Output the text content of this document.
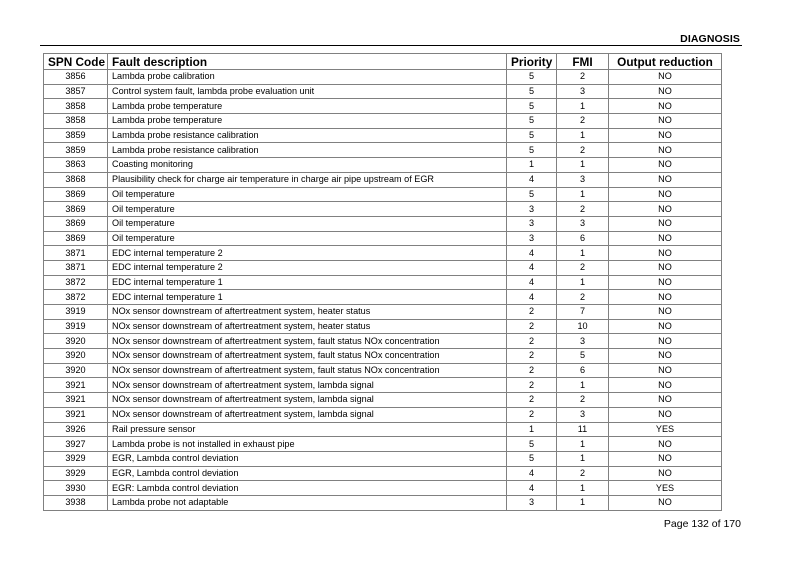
DIAGNOSIS
SPN Code	Fault description	Priority	FMI	Output reduction
3856	Lambda probe calibration	5	2	NO
3857	Control system fault, lambda probe evaluation unit	5	3	NO
3858	Lambda probe temperature	5	1	NO
3858	Lambda probe temperature	5	2	NO
3859	Lambda probe resistance calibration	5	1	NO
3859	Lambda probe resistance calibration	5	2	NO
3863	Coasting monitoring	1	1	NO
3868	Plausibility check for charge air temperature in charge air pipe upstream of EGR	4	3	NO
3869	Oil temperature	5	1	NO
3869	Oil temperature	3	2	NO
3869	Oil temperature	3	3	NO
3869	Oil temperature	3	6	NO
3871	EDC internal temperature 2	4	1	NO
3871	EDC internal temperature 2	4	2	NO
3872	EDC internal temperature 1	4	1	NO
3872	EDC internal temperature 1	4	2	NO
3919	NOx sensor downstream of aftertreatment system, heater status	2	7	NO
3919	NOx sensor downstream of aftertreatment system, heater status	2	10	NO
3920	NOx sensor downstream of aftertreatment system, fault status NOx concentration	2	3	NO
3920	NOx sensor downstream of aftertreatment system, fault status NOx concentration	2	5	NO
3920	NOx sensor downstream of aftertreatment system, fault status NOx concentration	2	6	NO
3921	NOx sensor downstream of aftertreatment system, lambda signal	2	1	NO
3921	NOx sensor downstream of aftertreatment system, lambda signal	2	2	NO
3921	NOx sensor downstream of aftertreatment system, lambda signal	2	3	NO
3926	Rail pressure sensor	1	11	YES
3927	Lambda probe is not installed in exhaust pipe	5	1	NO
3929	EGR, Lambda control deviation	5	1	NO
3929	EGR, Lambda control deviation	4	2	NO
3930	EGR: Lambda control deviation	4	1	YES
3938	Lambda probe not adaptable	3	1	NO
Page 132 of 170
